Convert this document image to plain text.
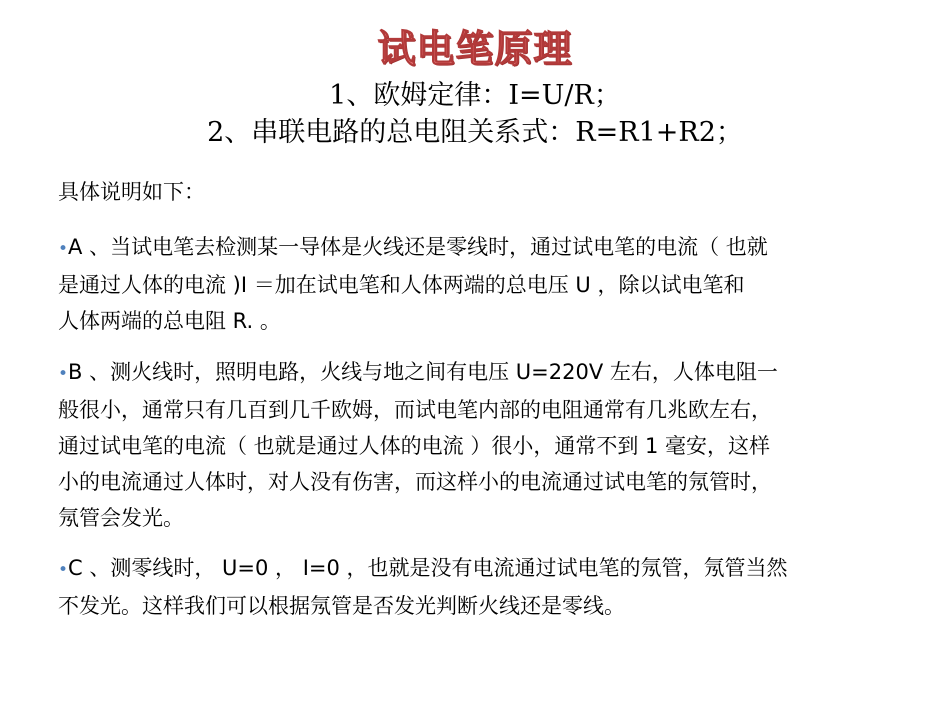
试电笔原理
1、欧姆定律：I=U/R；
2、串联电路的总电阻关系式：R=R1+R2；
具体说明如下：
•A 、当试电笔去检测某一导体是火线还是零线时，通过试电笔的电流（ 也就
是通过人体的电流 )I ＝加在试电笔和人体两端的总电压 U ，除以试电笔和
人体两端的总电阻 R. 。
•B 、测火线时，照明电路，火线与地之间有电压 U=220V 左右，人体电阻一
般很小，通常只有几百到几千欧姆，而试电笔内部的电阻通常有几兆欧左右，
通过试电笔的电流（ 也就是通过人体的电流 ）很小，通常不到 1 毫安，这样
小的电流通过人体时，对人没有伤害，而这样小的电流通过试电笔的氖管时，
氖管会发光。
•C 、测零线时， U=0 ， I=0 ，也就是没有电流通过试电笔的氖管，氖管当然
不发光。这样我们可以根据氖管是否发光判断火线还是零线。
